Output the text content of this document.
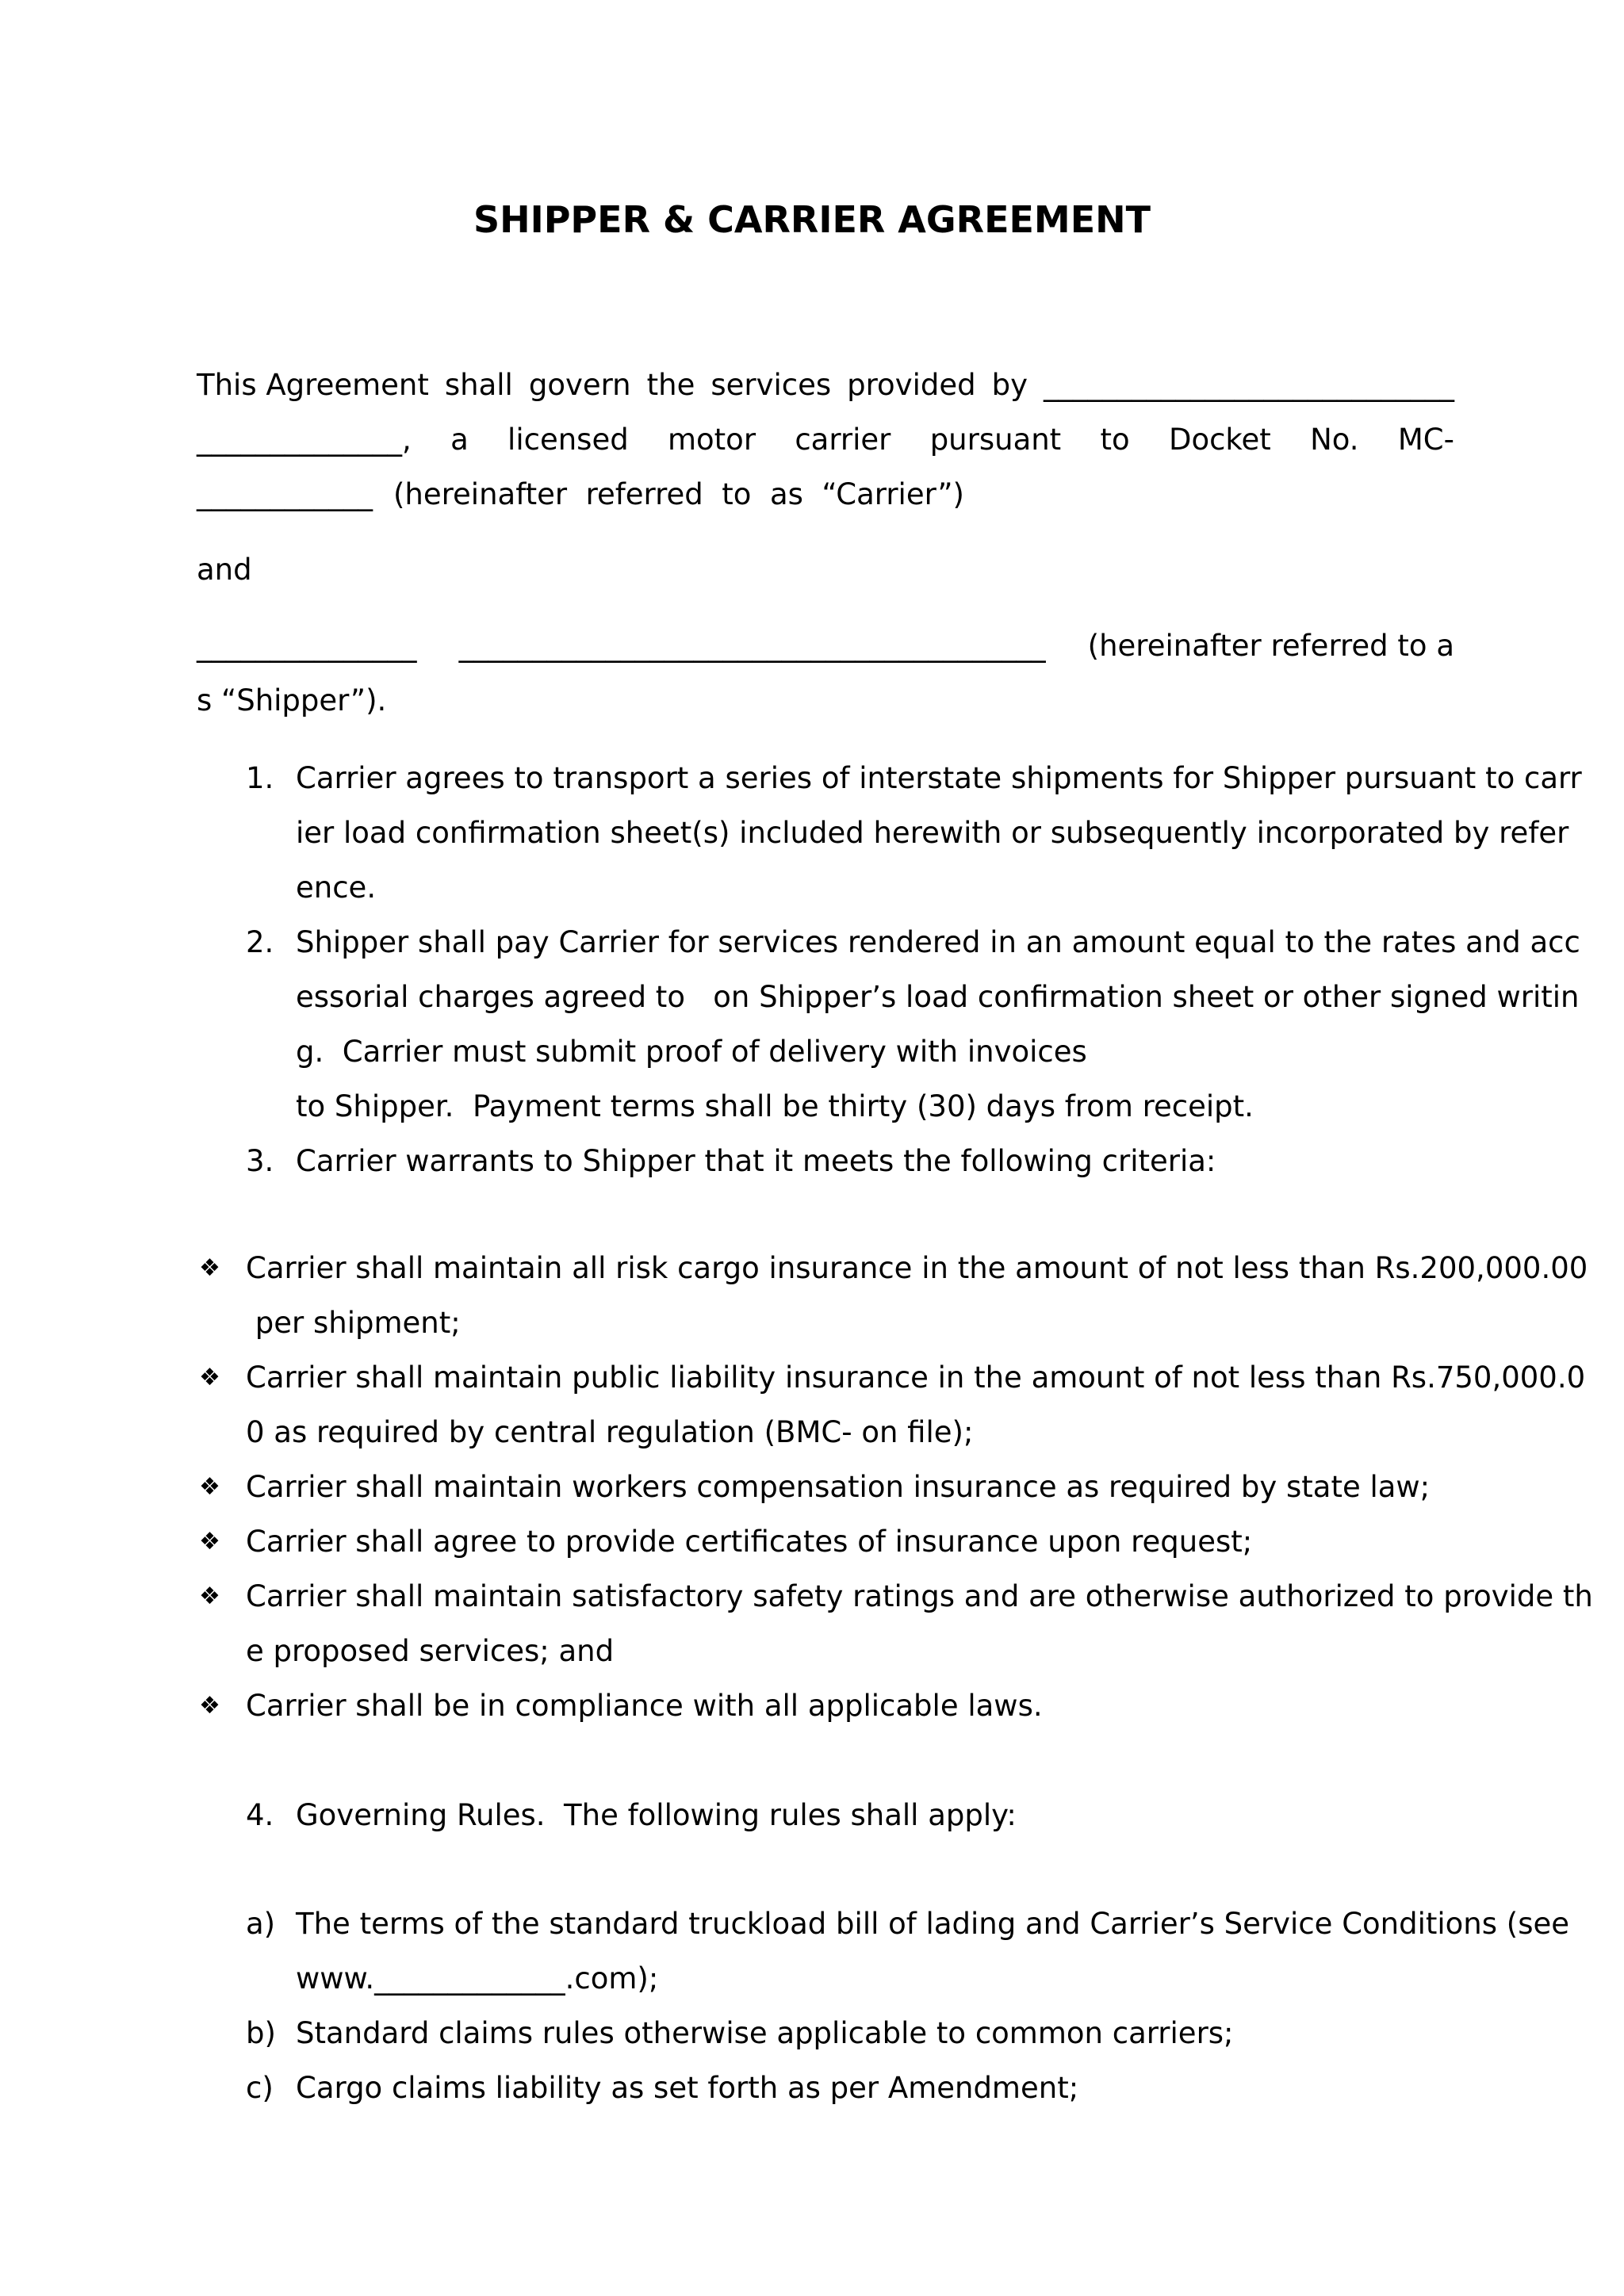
SHIPPER & CARRIER AGREEMENT
This Agreement shall govern the services provided by ____________________________
______________, a licensed motor carrier pursuant to Docket No. MC-
____________ (hereinafter  referred  to  as  “Carrier”)
and
_______________ ________________________________________ (hereinafter referred to a
s “Shipper”).
1. Carrier agrees to transport a series of interstate shipments for Shipper pursuant to carr
ier load confirmation sheet(s) included herewith or subsequently incorporated by refer
ence.
2. Shipper shall pay Carrier for services rendered in an amount equal to the rates and acc
essorial charges agreed to   on Shipper’s load confirmation sheet or other signed writin
g.  Carrier must submit proof of delivery with invoices
to Shipper.  Payment terms shall be thirty (30) days from receipt.
3. Carrier warrants to Shipper that it meets the following criteria:
❖ Carrier shall maintain all risk cargo insurance in the amount of not less than Rs.200,000.00
per shipment;
❖ Carrier shall maintain public liability insurance in the amount of not less than Rs.750,000.0
0 as required by central regulation (BMC- on file);
❖ Carrier shall maintain workers compensation insurance as required by state law;
❖ Carrier shall agree to provide certificates of insurance upon request;
❖ Carrier shall maintain satisfactory safety ratings and are otherwise authorized to provide th
e proposed services; and
❖ Carrier shall be in compliance with all applicable laws.
4. Governing Rules.  The following rules shall apply:
a) The terms of the standard truckload bill of lading and Carrier’s Service Conditions (see
www._____________.com);
b) Standard claims rules otherwise applicable to common carriers;
c) Cargo claims liability as set forth as per Amendment;
